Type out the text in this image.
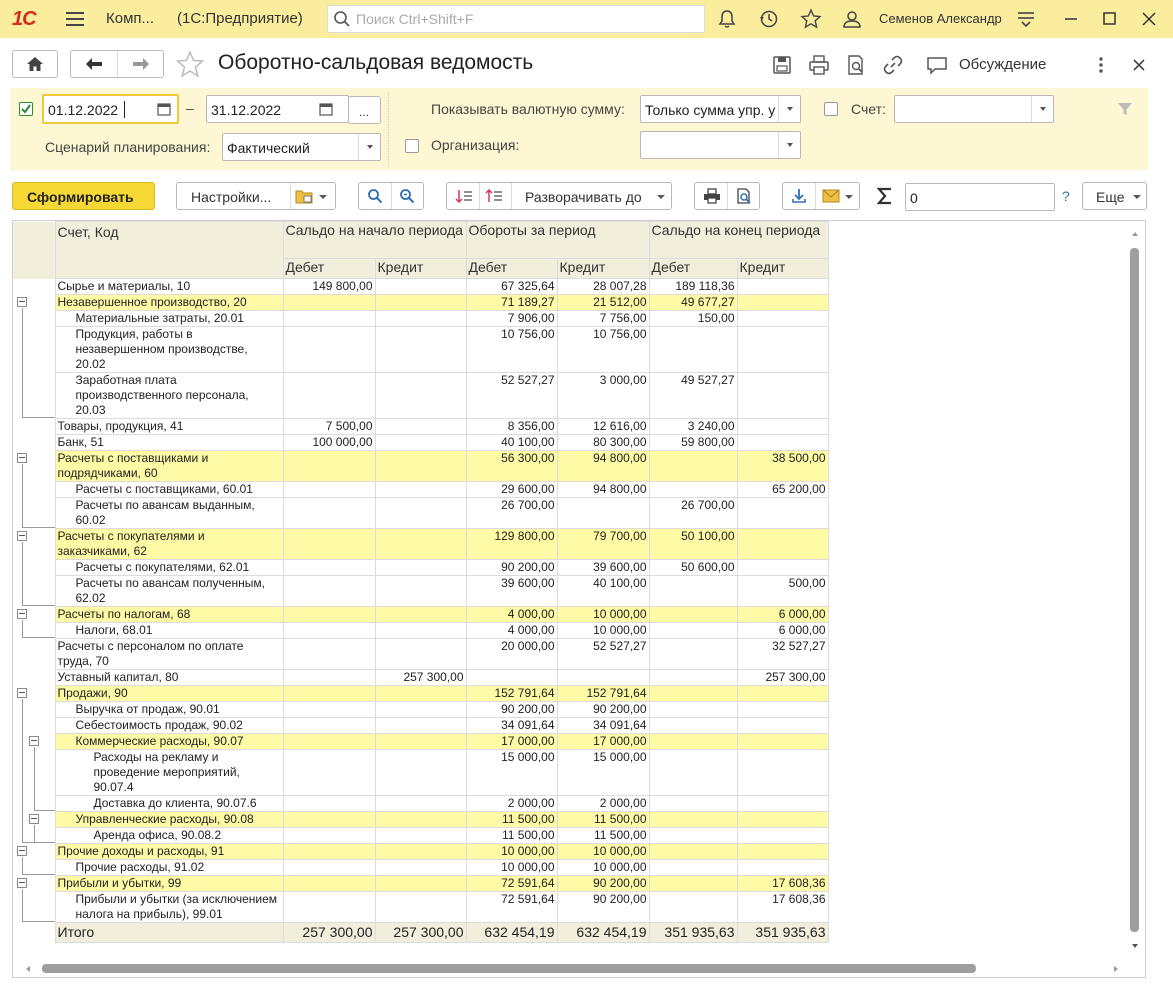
1С	Комп... (1С:Предприятие)
Поиск Ctrl+Shift+F	Семенов Александр
Оборотно-сальдовая ведомость	Обсуждение
01.12.2022	– 31.12.2022	...	Показывать валютную сумму: Только сумма упр. у	Счет:
Сценарий планирования: Фактический	Организация:
Сформировать	Настройки...	Разворачивать до	0	? Еще
	Счет, Код	Сальдо на начало периода		Обороты за период		Сальдо на конец периода	
		Дебет	Кредит	Дебет	Кредит	Дебет	Кредит
	Сырье и материалы, 10	149 800,00		67 325,64	28 007,28	189 118,36	
	Незавершенное производство, 20			71 189,27	21 512,00	49 677,27	
	Материальные затраты, 20.01			7 906,00	7 756,00	150,00	
	Продукция, работы в незавершенном производстве, 20.02			10 756,00	10 756,00		
	Заработная плата производственного персонала, 20.03			52 527,27	3 000,00	49 527,27	
	Товары, продукция, 41	7 500,00		8 356,00	12 616,00	3 240,00	
	Банк, 51	100 000,00		40 100,00	80 300,00	59 800,00	
	Расчеты с поставщиками и подрядчиками, 60			56 300,00	94 800,00		38 500,00
	Расчеты с поставщиками, 60.01			29 600,00	94 800,00		65 200,00
	Расчеты по авансам выданным, 60.02			26 700,00		26 700,00	
	Расчеты с покупателями и заказчиками, 62			129 800,00	79 700,00	50 100,00	
	Расчеты с покупателями, 62.01			90 200,00	39 600,00	50 600,00	
	Расчеты по авансам полученным, 62.02			39 600,00	40 100,00		500,00
	Расчеты по налогам, 68			4 000,00	10 000,00		6 000,00
	Налоги, 68.01			4 000,00	10 000,00		6 000,00
	Расчеты с персоналом по оплате труда, 70			20 000,00	52 527,27		32 527,27
	Уставный капитал, 80		257 300,00				257 300,00
	Продажи, 90			152 791,64	152 791,64		
	Выручка от продаж, 90.01			90 200,00	90 200,00		
	Себестоимость продаж, 90.02			34 091,64	34 091,64		
	Коммерческие расходы, 90.07			17 000,00	17 000,00		
	Расходы на рекламу и проведение мероприятий, 90.07.4			15 000,00	15 000,00		
	Доставка до клиента, 90.07.6			2 000,00	2 000,00		
	Управленческие расходы, 90.08			11 500,00	11 500,00		
	Аренда офиса, 90.08.2			11 500,00	11 500,00		
	Прочие доходы и расходы, 91			10 000,00	10 000,00		
	Прочие расходы, 91.02			10 000,00	10 000,00		
	Прибыли и убытки, 99			72 591,64	90 200,00		17 608,36
	Прибыли и убытки (за исключением налога на прибыль), 99.01			72 591,64	90 200,00		17 608,36
	Итого	257 300,00	257 300,00	632 454,19	632 454,19	351 935,63	351 935,63
